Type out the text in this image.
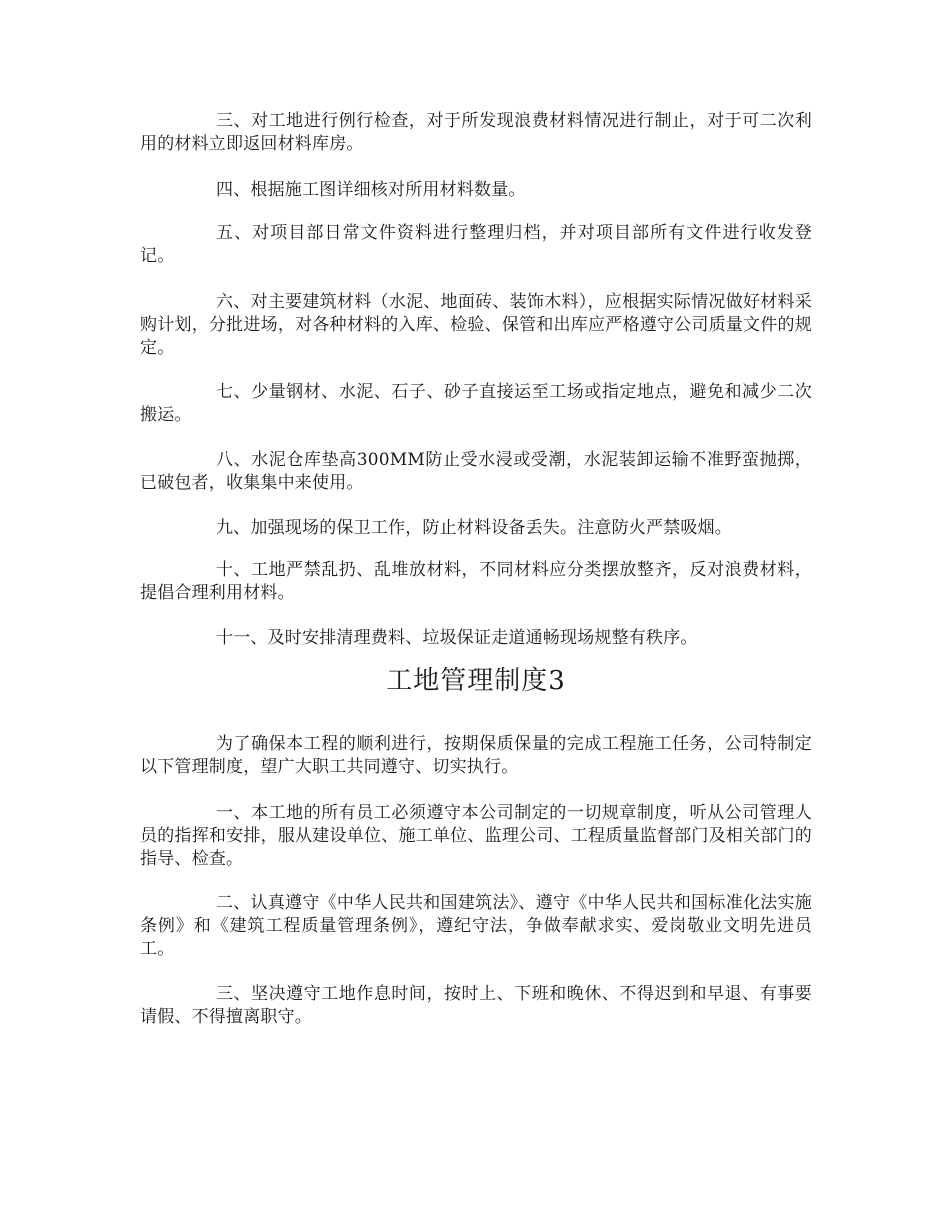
三、对工地进行例行检查，对于所发现浪费材料情况进行制止，对于可二次利用的材料立即返回材料库房。

四、根据施工图详细核对所用材料数量。

五、对项目部日常文件资料进行整理归档，并对项目部所有文件进行收发登记。

六、对主要建筑材料（水泥、地面砖、装饰木料），应根据实际情况做好材料采购计划，分批进场，对各种材料的入库、检验、保管和出库应严格遵守公司质量文件的规定。

七、少量钢材、水泥、石子、砂子直接运至工场或指定地点，避免和减少二次搬运。

八、水泥仓库垫高300MM防止受水浸或受潮，水泥装卸运输不准野蛮抛掷，已破包者，收集集中来使用。

九、加强现场的保卫工作，防止材料设备丢失。注意防火严禁吸烟。

十、工地严禁乱扔、乱堆放材料，不同材料应分类摆放整齐，反对浪费材料，提倡合理利用材料。

十一、及时安排清理费料、垃圾保证走道通畅现场规整有秩序。

工地管理制度3

为了确保本工程的顺利进行，按期保质保量的完成工程施工任务，公司特制定以下管理制度，望广大职工共同遵守、切实执行。

一、本工地的所有员工必须遵守本公司制定的一切规章制度，听从公司管理人员的指挥和安排，服从建设单位、施工单位、监理公司、工程质量监督部门及相关部门的指导、检查。

二、认真遵守《中华人民共和国建筑法》、遵守《中华人民共和国标准化法实施条例》和《建筑工程质量管理条例》，遵纪守法，争做奉献求实、爱岗敬业文明先进员工。

三、坚决遵守工地作息时间，按时上、下班和晚休、不得迟到和早退、有事要请假、不得擅离职守。
